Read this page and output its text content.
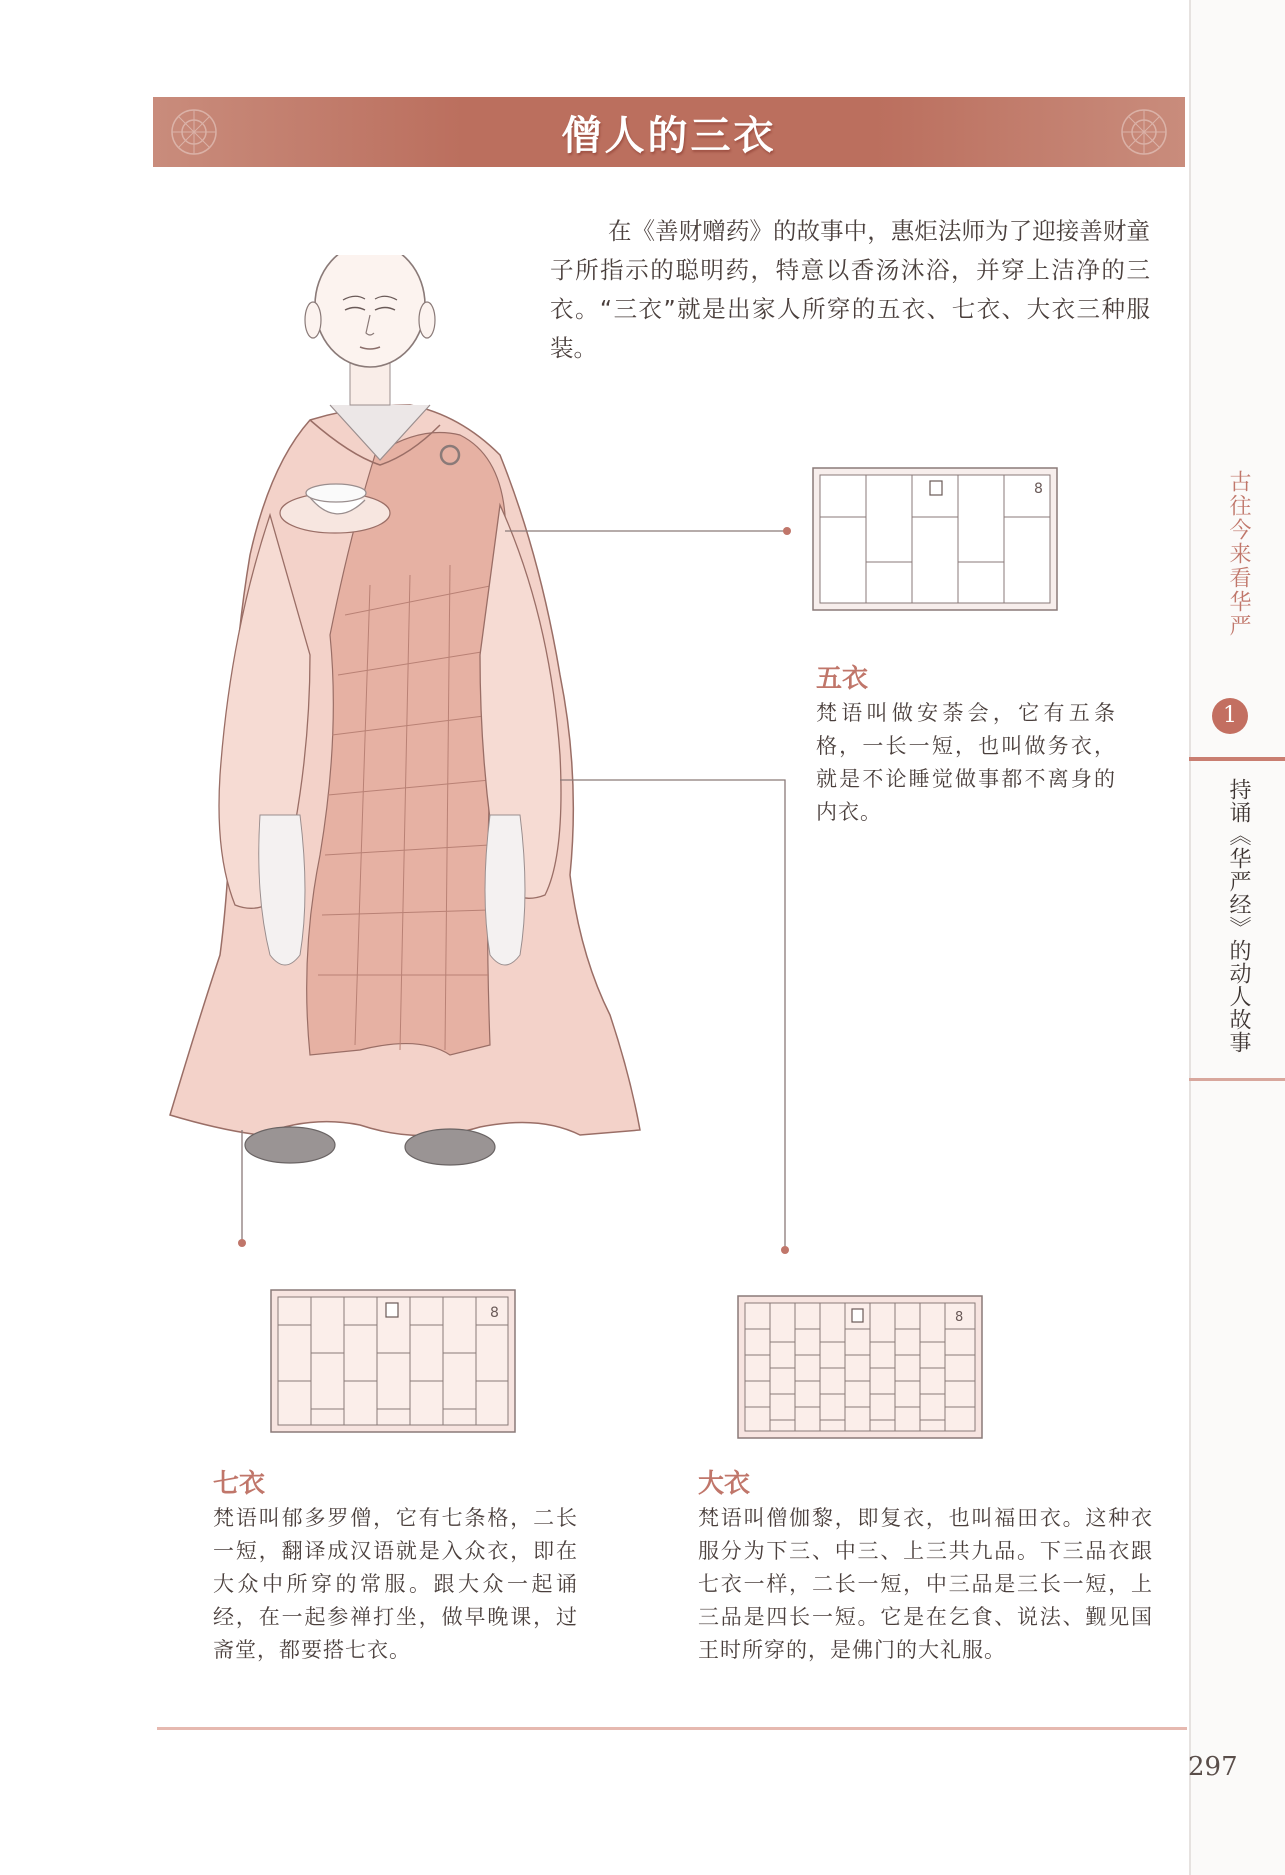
僧人的三衣

在《善财赠药》的故事中，惠炬法师为了迎接善财童子所指示的聪明药，特意以香汤沐浴，并穿上洁净的三衣。“三衣”就是出家人所穿的五衣、七衣、大衣三种服装。

古往今来看华严
1
持诵《华严经》的动人故事
8
8	8
五衣
梵语叫做安荼会，它有五条格，一长一短，也叫做务衣，就是不论睡觉做事都不离身的内衣。
七衣
梵语叫郁多罗僧，它有七条格，二长一短，翻译成汉语就是入众衣，即在大众中所穿的常服。跟大众一起诵经，在一起参禅打坐，做早晚课，过斋堂，都要搭七衣。
大衣
梵语叫僧伽黎，即复衣，也叫福田衣。这种衣服分为下三、中三、上三共九品。下三品衣跟七衣一样，二长一短，中三品是三长一短，上三品是四长一短。它是在乞食、说法、觐见国王时所穿的，是佛门的大礼服。
297
